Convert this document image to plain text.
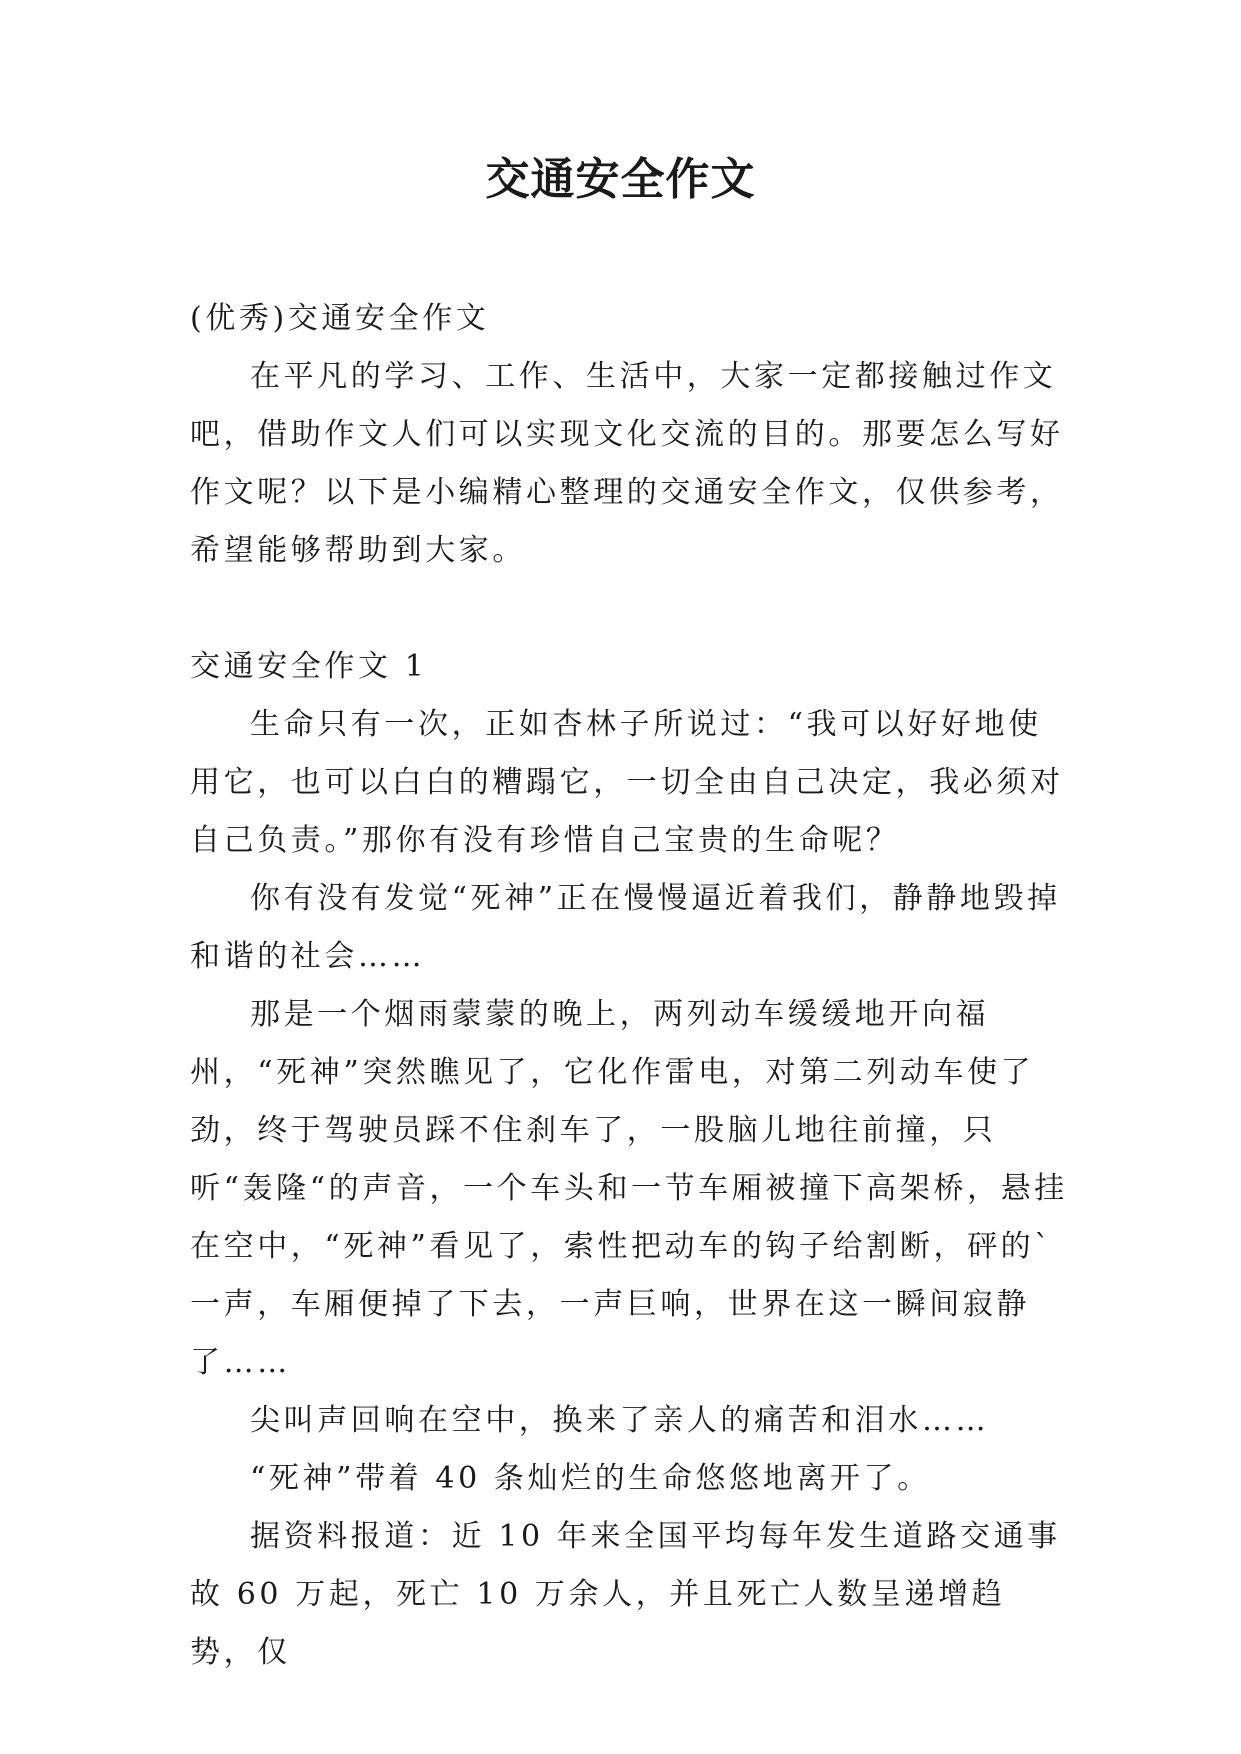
交通安全作文

(优秀)交通安全作文

在平凡的学习、工作、生活中，大家一定都接触过作文吧，借助作文人们可以实现文化交流的目的。那要怎么写好作文呢？以下是小编精心整理的交通安全作文，仅供参考，希望能够帮助到大家。

交通安全作文 1

生命只有一次，正如杏林子所说过：“我可以好好地使用它，也可以白白的糟蹋它，一切全由自己决定，我必须对自己负责。”那你有没有珍惜自己宝贵的生命呢？

你有没有发觉“死神”正在慢慢逼近着我们，静静地毁掉和谐的社会……

那是一个烟雨蒙蒙的晚上，两列动车缓缓地开向福州，“死神”突然瞧见了，它化作雷电，对第二列动车使了劲，终于驾驶员踩不住刹车了，一股脑儿地往前撞，只听“轰隆“的声音，一个车头和一节车厢被撞下高架桥，悬挂在空中，“死神”看见了，索性把动车的钩子给割断，砰的`一声，车厢便掉了下去，一声巨响，世界在这一瞬间寂静了……

尖叫声回响在空中，换来了亲人的痛苦和泪水……

“死神”带着 40 条灿烂的生命悠悠地离开了。

据资料报道：近 10 年来全国平均每年发生道路交通事故 60 万起，死亡 10 万余人，并且死亡人数呈递增趋势，仅
